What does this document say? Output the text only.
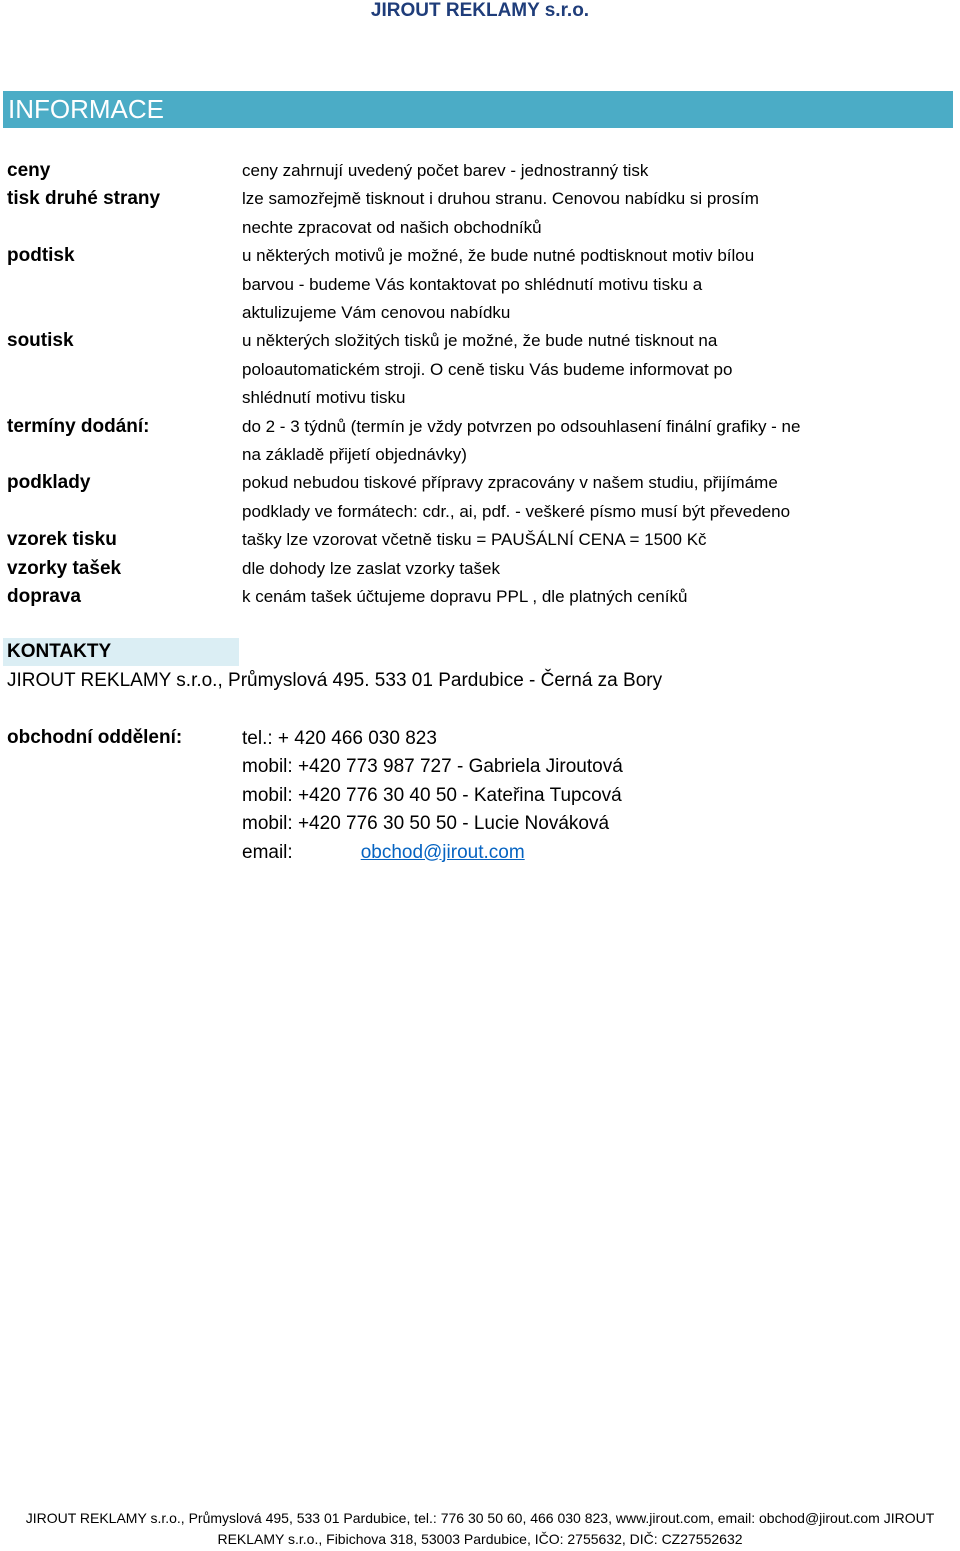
JIROUT REKLAMY s.r.o.
INFORMACE
ceny	ceny zahrnují uvedený počet barev - jednostranný tisk
tisk druhé strany	lze samozřejmě tisknout i druhou stranu. Cenovou nabídku si prosím
nechte zpracovat od našich obchodníků
podtisk	u některých motivů je možné, že bude nutné podtisknout motiv bílou
barvou - budeme Vás kontaktovat po shlédnutí motivu tisku a
aktulizujeme Vám cenovou nabídku
soutisk	u některých složitých tisků je možné, že bude nutné tisknout na
poloautomatickém stroji. O ceně tisku Vás budeme informovat po
shlédnutí motivu tisku
termíny dodání:	do 2 - 3 týdnů (termín je vždy potvrzen po odsouhlasení finální grafiky - ne
na základě přijetí objednávky)
podklady	pokud nebudou tiskové přípravy zpracovány v našem studiu, přijímáme
podklady ve formátech: cdr., ai, pdf. - veškeré písmo musí být převedeno
vzorek tisku	tašky lze vzorovat včetně tisku = PAUŠÁLNÍ CENA = 1500 Kč
vzorky tašek	dle dohody lze zaslat vzorky tašek
doprava	k cenám tašek účtujeme dopravu PPL , dle platných ceníků
KONTAKTY
JIROUT REKLAMY s.r.o., Průmyslová 495. 533 01 Pardubice - Černá za Bory
obchodní oddělení:	tel.: + 420 466 030 823
mobil: +420 773 987 727 - Gabriela Jiroutová
mobil: +420 776 30 40 50 - Kateřina Tupcová
mobil: +420 776 30 50 50 - Lucie Nováková
email:	obchod@jirout.com
JIROUT REKLAMY s.r.o., Průmyslová 495, 533 01 Pardubice, tel.: 776 30 50 60, 466 030 823, www.jirout.com, email: obchod@jirout.com JIROUT
REKLAMY s.r.o., Fibichova 318, 53003 Pardubice, IČO: 2755632, DIČ: CZ27552632
